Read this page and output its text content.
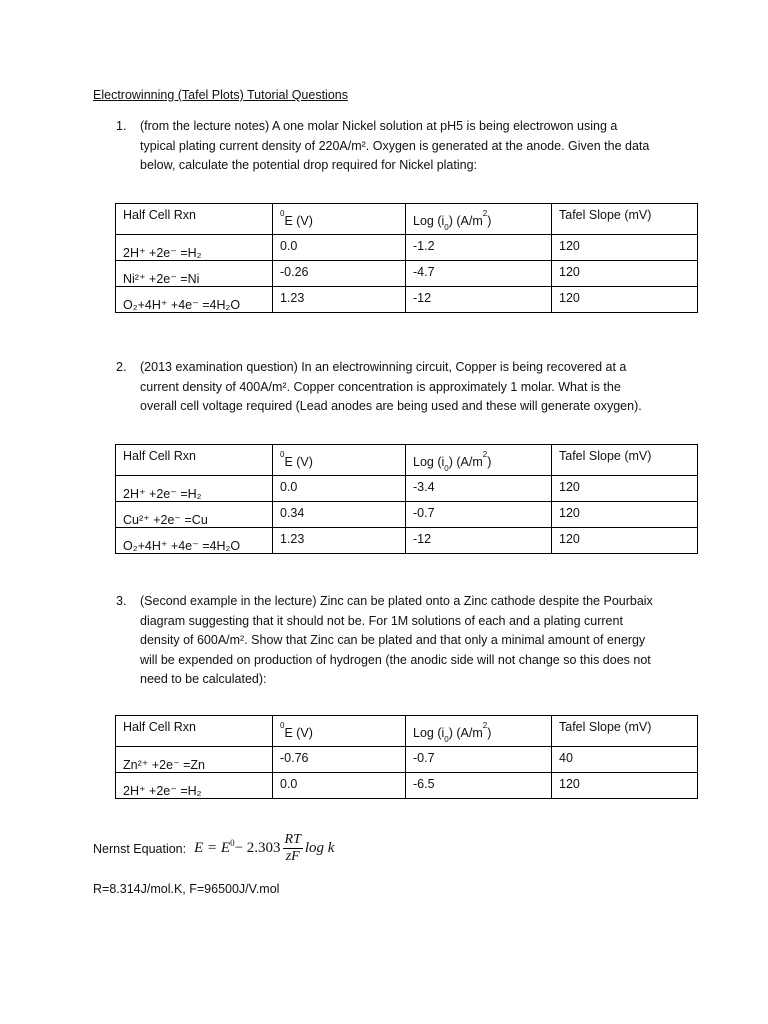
Electrowinning (Tafel Plots) Tutorial Questions
1. (from the lecture notes) A one molar Nickel solution at pH5 is being electrowon using a typical plating current density of 220A/m². Oxygen is generated at the anode. Given the data below, calculate the potential drop required for Nickel plating:
Half Cell Rxn	$^0$E (V)	Log $(i_0)$ $(A/m^2)$	Tafel Slope (mV)
2H⁺ +2e⁻ =H₂	0.0	-1.2	120
Ni²⁺ +2e⁻ =Ni	-0.26	-4.7	120
O₂+4H⁺ +4e⁻ =4H₂O	1.23	-12	120
2. (2013 examination question) In an electrowinning circuit, Copper is being recovered at a current density of 400A/m². Copper concentration is approximately 1 molar. What is the overall cell voltage required (Lead anodes are being used and these will generate oxygen).
Half Cell Rxn	$^0$E (V)	Log $(i_0)$ $(A/m^2)$	Tafel Slope (mV)
2H⁺ +2e⁻ =H₂	0.0	-3.4	120
Cu²⁺ +2e⁻ =Cu	0.34	-0.7	120
O₂+4H⁺ +4e⁻ =4H₂O	1.23	-12	120
3. (Second example in the lecture) Zinc can be plated onto a Zinc cathode despite the Pourbaix diagram suggesting that it should not be. For 1M solutions of each and a plating current density of 600A/m². Show that Zinc can be plated and that only a minimal amount of energy will be expended on production of hydrogen (the anodic side will not change so this does not need to be calculated):
Half Cell Rxn	$^0$E (V)	Log $(i_0)$ $(A/m^2)$	Tafel Slope (mV)
Zn²⁺ +2e⁻ =Zn	-0.76	-0.7	40
2H⁺ +2e⁻ =H₂	0.0	-6.5	120
Nernst Equation: E = E $0 - 2.303 \frac{RT}{zF}$ log k
R=8.314J/mol.K, F=96500J/V.mol
